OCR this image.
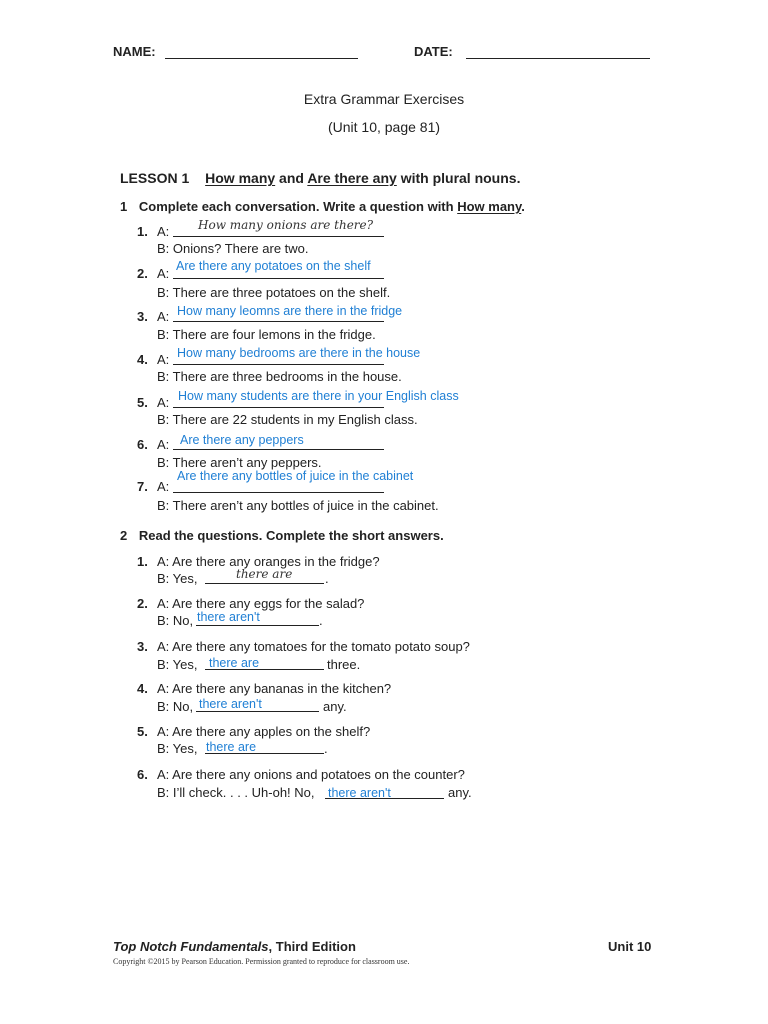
NAME:	DATE:
Extra Grammar Exercises
(Unit 10, page 81)
LESSON 1 How many and Are there any with plural nouns.
1 Complete each conversation. Write a question with How many.
1. A: How many onions are there?
B: Onions? There are two.
2. A: Are there any potatoes on the shelf
B: There are three potatoes on the shelf.
3. A: How many leomns are there in the fridge
B: There are four lemons in the fridge.
4. A: How many bedrooms are there in the house
B: There are three bedrooms in the house.
5. A: How many students are there in your English class
B: There are 22 students in my English class.
6. A: Are there any peppers
B: There aren’t any peppers.
7. A:
Are there any bottles of juice in the cabinet
B: There aren’t any bottles of juice in the cabinet.
2 Read the questions. Complete the short answers.
1. A: Are there any oranges in the fridge?
B: Yes,	there are	.
2. A: Are there any eggs for the salad?
B: No, there aren't	.
3. A: Are there any tomatoes for the tomato potato soup?
B: Yes, there are	three.
4. A: Are there any bananas in the kitchen?
B: No, there aren't	any.
5. A: Are there any apples on the shelf?
B: Yes, there are	.
6. A: Are there any onions and potatoes on the counter?
B: I’ll check. . . . Uh-oh! No, there aren't	any.
Top Notch Fundamentals, Third Edition	Unit 10
Copyright ©2015 by Pearson Education. Permission granted to reproduce for classroom use.
